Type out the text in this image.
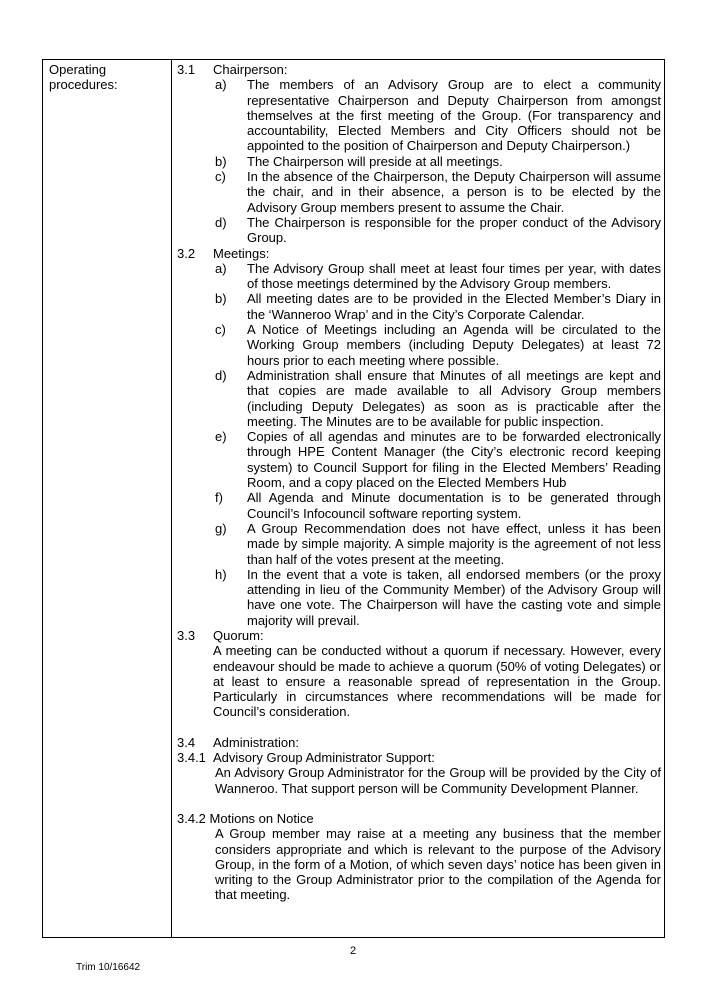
Operating procedures:
3.1 Chairperson:
a) The members of an Advisory Group are to elect a community representative Chairperson and Deputy Chairperson from amongst themselves at the first meeting of the Group. (For transparency and accountability, Elected Members and City Officers should not be appointed to the position of Chairperson and Deputy Chairperson.)
b) The Chairperson will preside at all meetings.
c) In the absence of the Chairperson, the Deputy Chairperson will assume the chair, and in their absence, a person is to be elected by the Advisory Group members present to assume the Chair.
d) The Chairperson is responsible for the proper conduct of the Advisory Group.
3.2 Meetings:
a) The Advisory Group shall meet at least four times per year, with dates of those meetings determined by the Advisory Group members.
b) All meeting dates are to be provided in the Elected Member’s Diary in the ‘Wanneroo Wrap’ and in the City’s Corporate Calendar.
c) A Notice of Meetings including an Agenda will be circulated to the Working Group members (including Deputy Delegates) at least 72 hours prior to each meeting where possible.
d) Administration shall ensure that Minutes of all meetings are kept and that copies are made available to all Advisory Group members (including Deputy Delegates) as soon as is practicable after the meeting. The Minutes are to be available for public inspection.
e) Copies of all agendas and minutes are to be forwarded electronically through HPE Content Manager (the City’s electronic record keeping system) to Council Support for filing in the Elected Members’ Reading Room, and a copy placed on the Elected Members Hub
f) All Agenda and Minute documentation is to be generated through Council’s Infocouncil software reporting system.
g) A Group Recommendation does not have effect, unless it has been made by simple majority. A simple majority is the agreement of not less than half of the votes present at the meeting.
h) In the event that a vote is taken, all endorsed members (or the proxy attending in lieu of the Community Member) of the Advisory Group will have one vote. The Chairperson will have the casting vote and simple majority will prevail.
3.3 Quorum:
A meeting can be conducted without a quorum if necessary. However, every endeavour should be made to achieve a quorum (50% of voting Delegates) or at least to ensure a reasonable spread of representation in the Group. Particularly in circumstances where recommendations will be made for Council’s consideration.
3.4 Administration:
3.4.1 Advisory Group Administrator Support:
An Advisory Group Administrator for the Group will be provided by the City of Wanneroo. That support person will be Community Development Planner.
3.4.2 Motions on Notice
A Group member may raise at a meeting any business that the member considers appropriate and which is relevant to the purpose of the Advisory Group, in the form of a Motion, of which seven days’ notice has been given in writing to the Group Administrator prior to the compilation of the Agenda for that meeting.
2
Trim 10/16642
